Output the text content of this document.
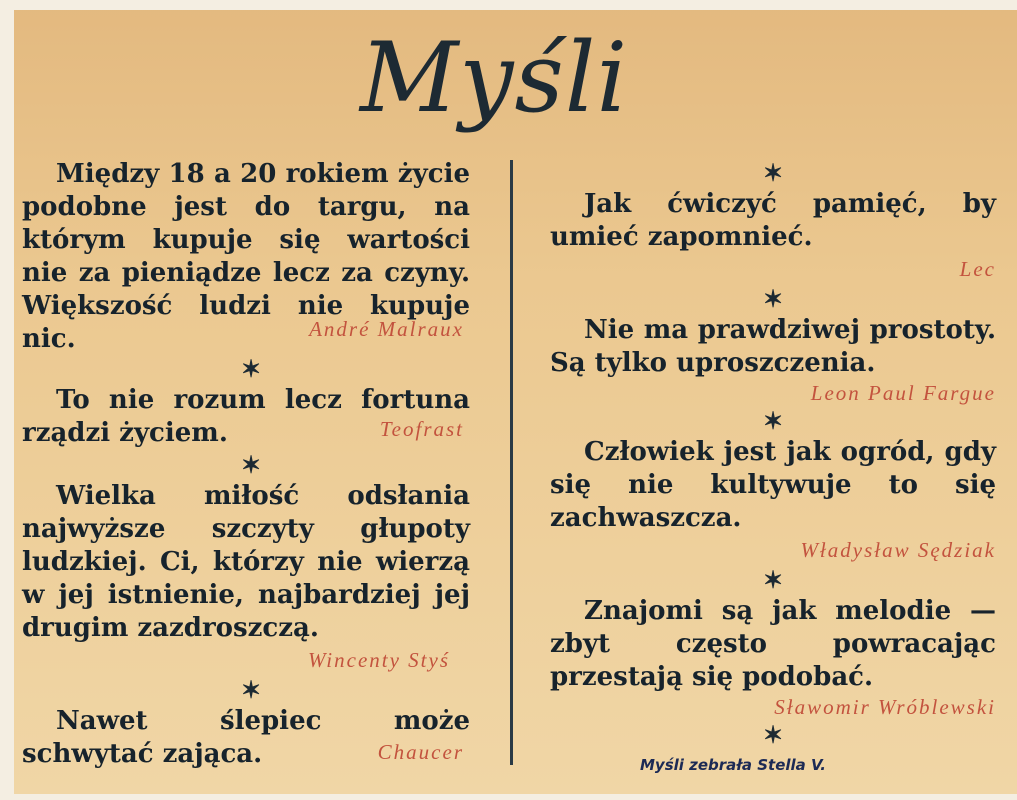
Myśli
Między 18 a 20 rokiem życie podobne jest do targu, na którym kupuje się wartości nie za pieniądze lecz za czyny. Większość ludzi nie kupuje nic.	André Malraux
✶
To nie rozum lecz fortuna rządzi życiem.	Teofrast
✶
Wielka miłość odsłania najwyższe szczyty głupoty ludzkiej. Ci, którzy nie wierzą w jej istnienie, najbardziej jej drugim zazdroszczą.
Wincenty Styś
✶
Nawet ślepiec może schwytać zająca.	Chaucer
✶
Jak ćwiczyć pamięć, by umieć zapomnieć.
Lec
✶
Nie ma prawdziwej prostoty. Są tylko uproszczenia.
Leon Paul Fargue
✶
Człowiek jest jak ogród, gdy się nie kultywuje to się zachwaszcza.
Władysław Sędziak
✶
Znajomi są jak melodie — zbyt często powracając przestają się podobać.
Sławomir Wróblewski
✶
Myśli zebrała Stella V.
